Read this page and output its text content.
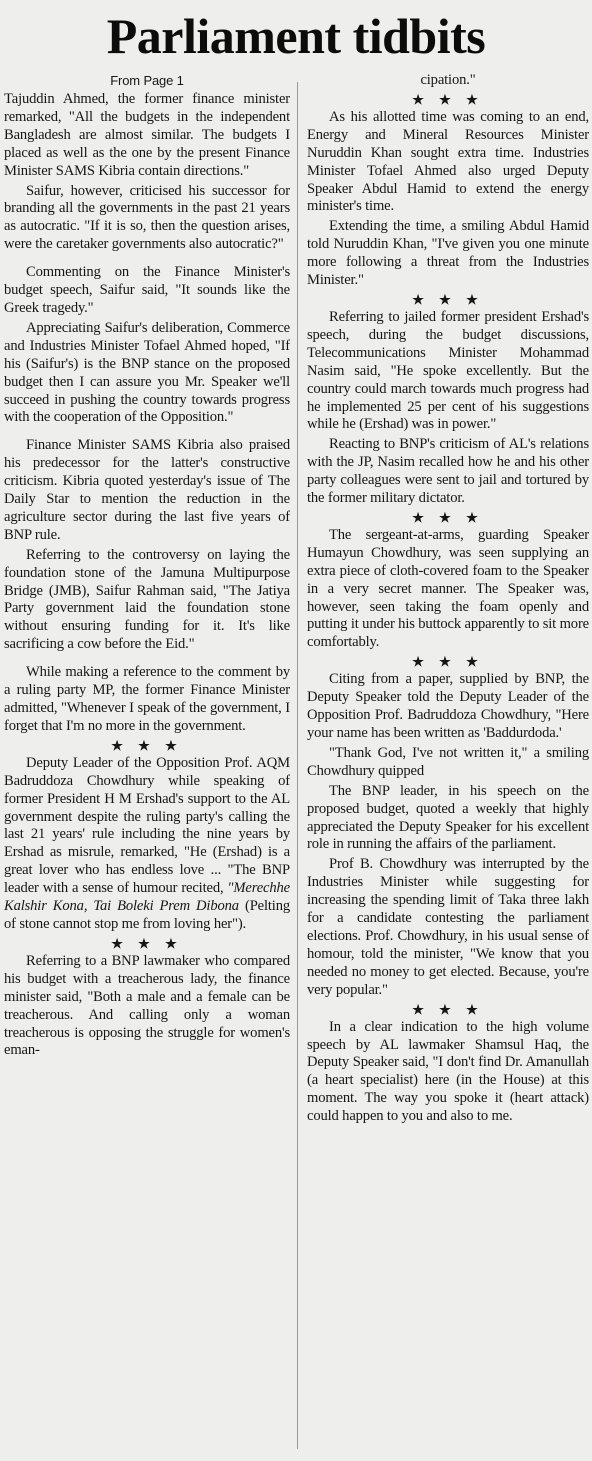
Parliament tidbits
From Page 1

Tajuddin Ahmed, the former finance minister remarked, "All the budgets in the independent Bangladesh are almost similar. The budgets I placed as well as the one by the present Finance Minister SAMS Kibria contain directions."

Saifur, however, criticised his successor for branding all the governments in the past 21 years as autocratic. "If it is so, then the question arises, were the caretaker governments also autocratic?"

Commenting on the Finance Minister's budget speech, Saifur said, "It sounds like the Greek tragedy."

Appreciating Saifur's deliberation, Commerce and Industries Minister Tofael Ahmed hoped, "If his (Saifur's) is the BNP stance on the proposed budget then I can assure you Mr. Speaker we'll succeed in pushing the country towards progress with the cooperation of the Opposition."

Finance Minister SAMS Kibria also praised his predecessor for the latter's constructive criticism. Kibria quoted yesterday's issue of The Daily Star to mention the reduction in the agriculture sector during the last five years of BNP rule.

Referring to the controversy on laying the foundation stone of the Jamuna Multipurpose Bridge (JMB), Saifur Rahman said, "The Jatiya Party government laid the foundation stone without ensuring funding for it. It's like sacrificing a cow before the Eid."

While making a reference to the comment by a ruling party MP, the former Finance Minister admitted, "Whenever I speak of the government, I forget that I'm no more in the government.

★ ★ ★

Deputy Leader of the Opposition Prof. AQM Badruddoza Chowdhury while speaking of former President H M Ershad's support to the AL government despite the ruling party's calling the last 21 years' rule including the nine years by Ershad as misrule, remarked, "He (Ershad) is a great lover who has endless love ... "The BNP leader with a sense of humour recited, "Merechhe Kalshir Kona, Tai Boleki Prem Dibona (Pelting of stone cannot stop me from loving her").

★ ★ ★

Referring to a BNP lawmaker who compared his budget with a treacherous lady, the finance minister said, "Both a male and a female can be treacherous. And calling only a woman treacherous is opposing the struggle for women's eman-

cipation."

★ ★ ★

As his allotted time was coming to an end, Energy and Mineral Resources Minister Nuruddin Khan sought extra time. Industries Minister Tofael Ahmed also urged Deputy Speaker Abdul Hamid to extend the energy minister's time.

Extending the time, a smiling Abdul Hamid told Nuruddin Khan, "I've given you one minute more following a threat from the Industries Minister."

★ ★ ★

Referring to jailed former president Ershad's speech, during the budget discussions, Telecommunications Minister Mohammad Nasim said, "He spoke excellently. But the country could march towards much progress had he implemented 25 per cent of his suggestions while he (Ershad) was in power."

Reacting to BNP's criticism of AL's relations with the JP, Nasim recalled how he and his other party colleagues were sent to jail and tortured by the former military dictator.

★ ★ ★

The sergeant-at-arms, guarding Speaker Humayun Chowdhury, was seen supplying an extra piece of cloth-covered foam to the Speaker in a very secret manner. The Speaker was, however, seen taking the foam openly and putting it under his buttock apparently to sit more comfortably.

★ ★ ★

Citing from a paper, supplied by BNP, the Deputy Speaker told the Deputy Leader of the Opposition Prof. Badruddoza Chowdhury, "Here your name has been written as 'Baddurdoda.'

"Thank God, I've not written it," a smiling Chowdhury quipped

The BNP leader, in his speech on the proposed budget, quoted a weekly that highly appreciated the Deputy Speaker for his excellent role in running the affairs of the parliament.

Prof B. Chowdhury was interrupted by the Industries Minister while suggesting for increasing the spending limit of Taka three lakh for a candidate contesting the parliament elections. Prof. Chowdhury, in his usual sense of homour, told the minister, "We know that you needed no money to get elected. Because, you're very popular."

★ ★ ★

In a clear indication to the high volume speech by AL lawmaker Shamsul Haq, the Deputy Speaker said, "I don't find Dr. Amanullah (a heart specialist) here (in the House) at this moment. The way you spoke it (heart attack) could happen to you and also to me.
